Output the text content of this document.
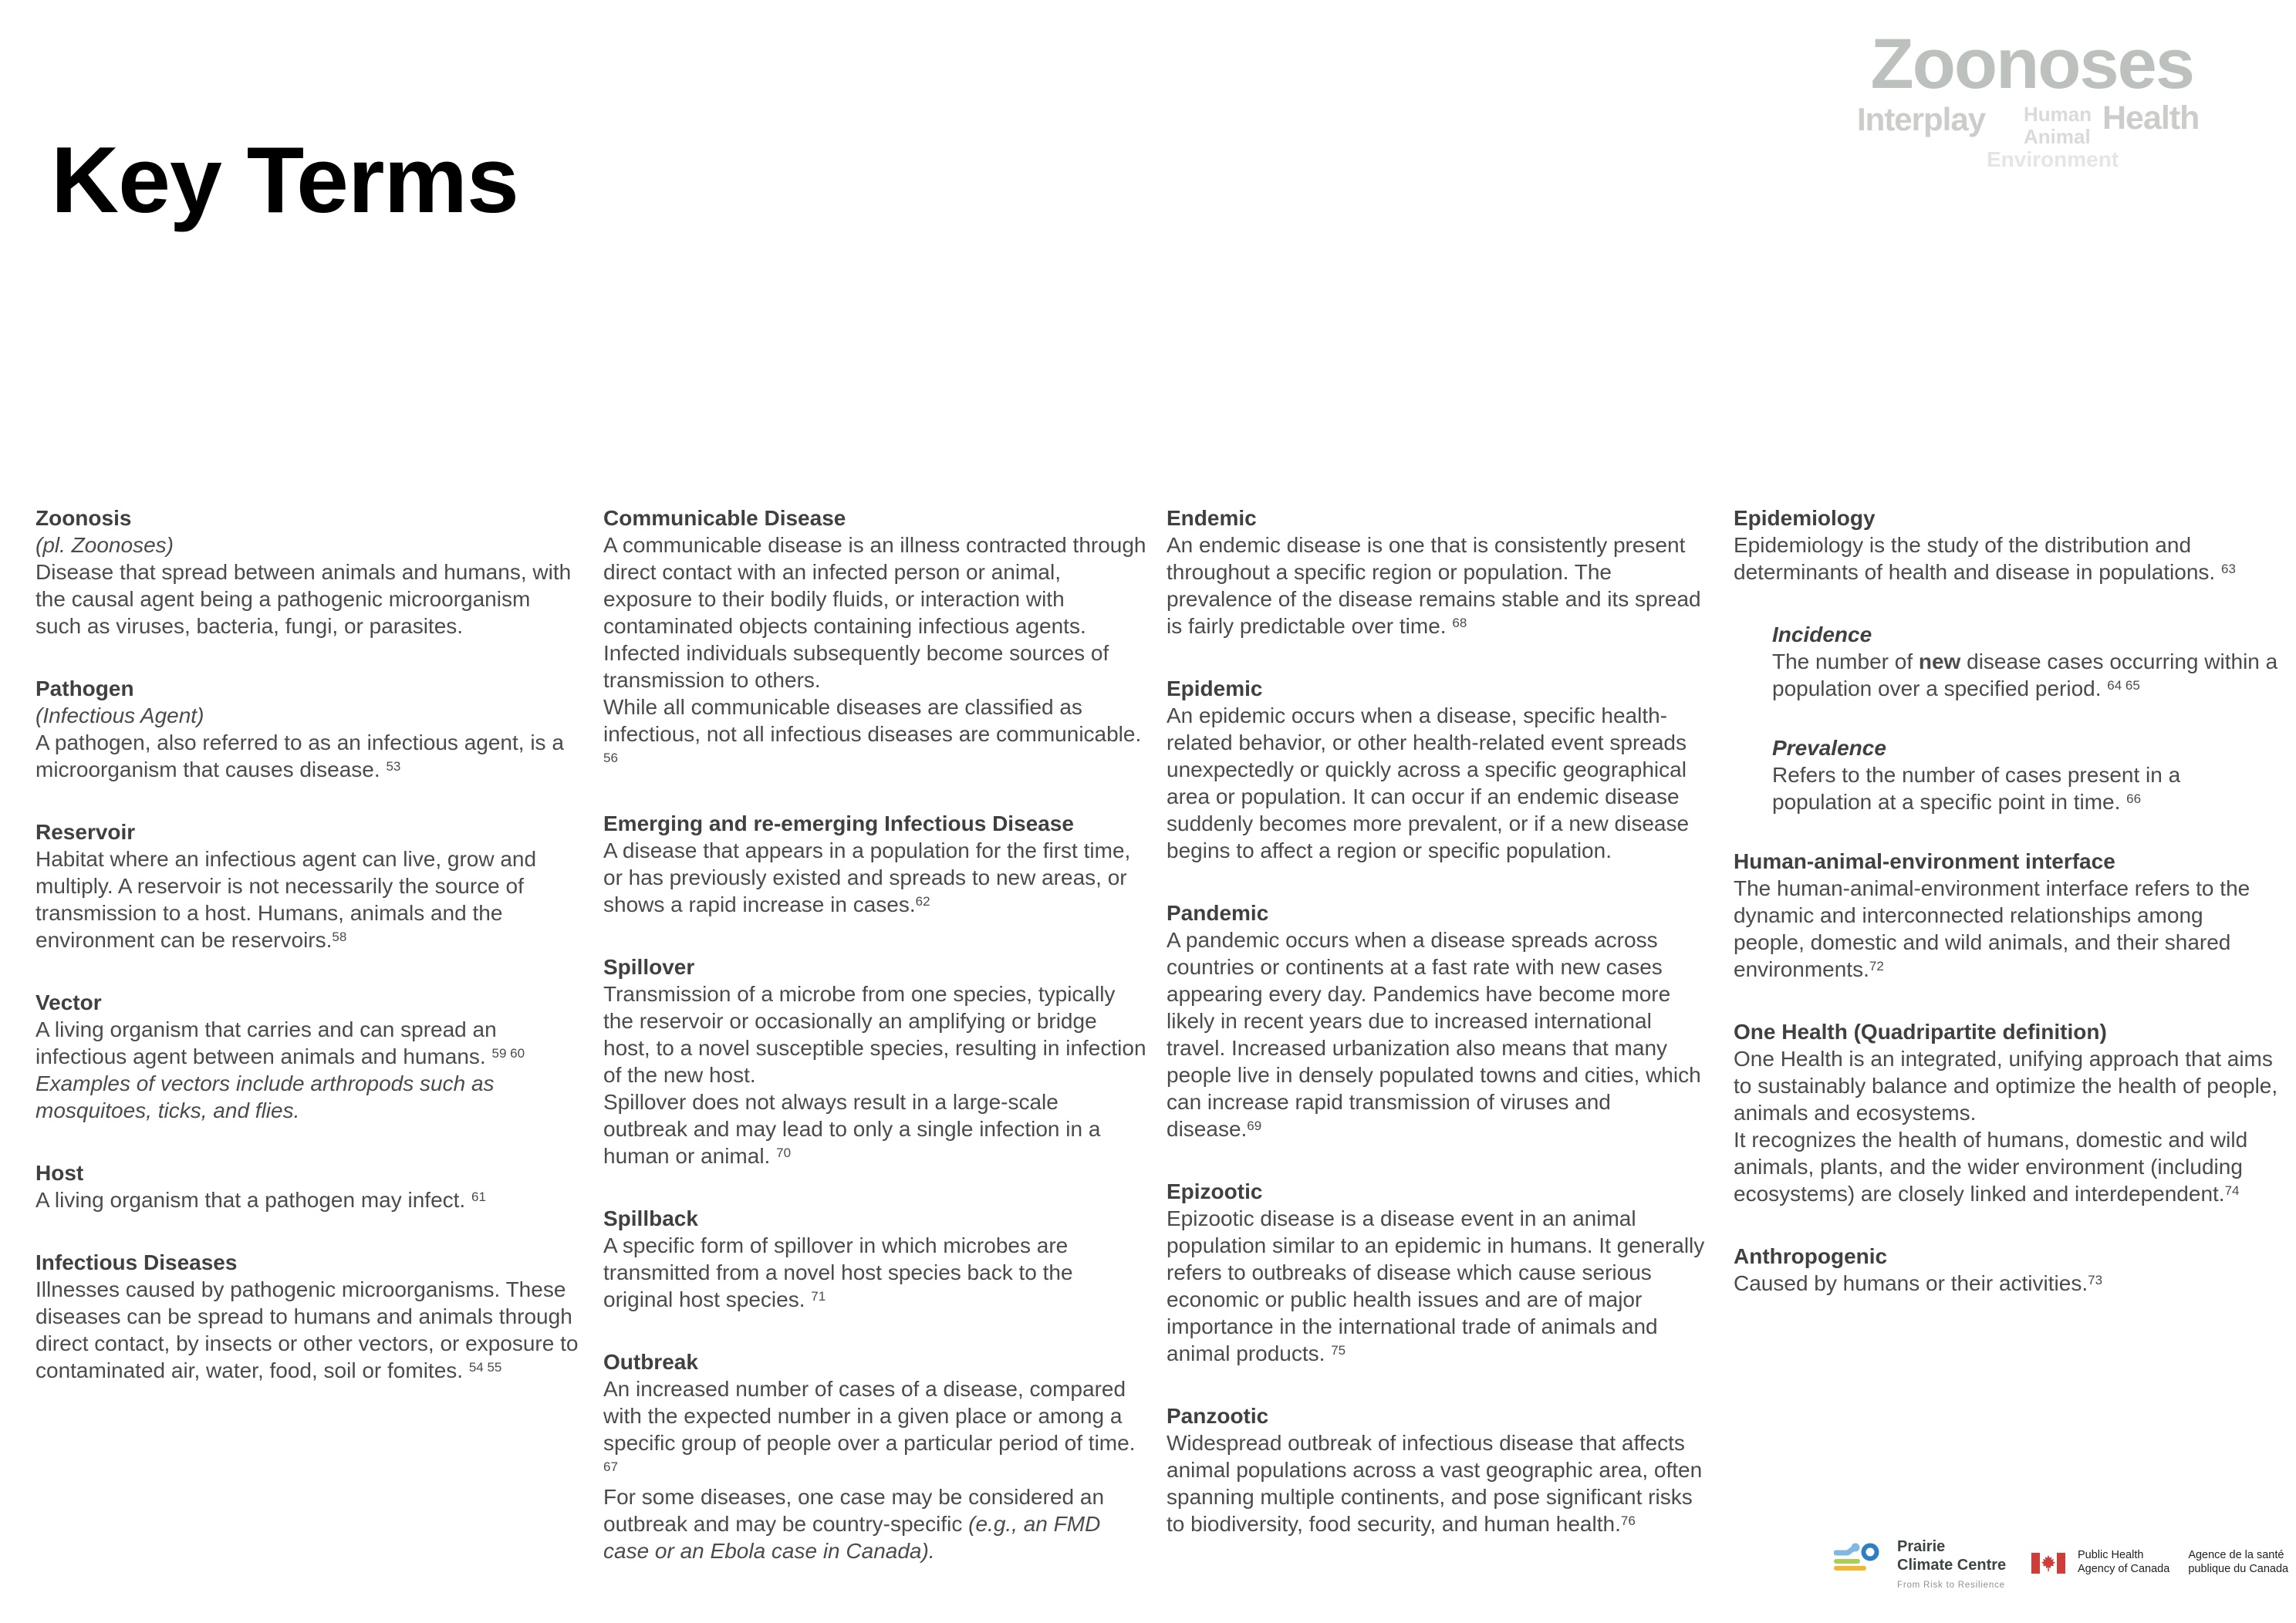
Key Terms
Zoonoses
Interplay Human
Animal Health
Environment
Zoonosis

(pl. Zoonoses)
Disease that spread between animals and humans, with the causal agent being a pathogenic microorganism such as viruses, bacteria, fungi, or parasites.

Pathogen

(Infectious Agent)
A pathogen, also referred to as an infectious agent, is a microorganism that causes disease. $^{53}$

Reservoir

Habitat where an infectious agent can live, grow and multiply. A reservoir is not necessarily the source of transmission to a host. Humans, animals and the environment can be reservoirs.$^{58}$

Vector

A living organism that carries and can spread an infectious agent between animals and humans. $^{59 60}$
Examples of vectors include arthropods such as mosquitoes, ticks, and flies.

Host

A living organism that a pathogen may infect. $^{61}$

Infectious Diseases

Illnesses caused by pathogenic microorganisms. These diseases can be spread to humans and animals through direct contact, by insects or other vectors, or exposure to contaminated air, water, food, soil or fomites. $^{54 55}$

Communicable Disease

A communicable disease is an illness contracted through direct contact with an infected person or animal, exposure to their bodily fluids, or interaction with contaminated objects containing infectious agents. Infected individuals subsequently become sources of transmission to others.
While all communicable diseases are classified as infectious, not all infectious diseases are communicable. $^{56}$

Emerging and re-emerging Infectious Disease

A disease that appears in a population for the first time, or has previously existed and spreads to new areas, or shows a rapid increase in cases.$^{62}$

Spillover

Transmission of a microbe from one species, typically the reservoir or occasionally an amplifying or bridge host, to a novel susceptible species, resulting in infection of the new host.
Spillover does not always result in a large-scale outbreak and may lead to only a single infection in a human or animal. $^{70}$

Spillback

A specific form of spillover in which microbes are transmitted from a novel host species back to the original host species. $^{71}$

Outbreak

An increased number of cases of a disease, compared with the expected number in a given place or among a specific group of people over a particular period of time.
$^{67}$
For some diseases, one case may be considered an outbreak and may be country-specific (e.g., an FMD case or an Ebola case in Canada).

Endemic

An endemic disease is one that is consistently present throughout a specific region or population. The prevalence of the disease remains stable and its spread is fairly predictable over time. $^{68}$

Epidemic

An epidemic occurs when a disease, specific health-related behavior, or other health-related event spreads unexpectedly or quickly across a specific geographical area or population. It can occur if an endemic disease suddenly becomes more prevalent, or if a new disease begins to affect a region or specific population.

Pandemic

A pandemic occurs when a disease spreads across countries or continents at a fast rate with new cases appearing every day. Pandemics have become more likely in recent years due to increased international travel. Increased urbanization also means that many people live in densely populated towns and cities, which can increase rapid transmission of viruses and disease.$^{69}$

Epizootic

Epizootic disease is a disease event in an animal population similar to an epidemic in humans. It generally refers to outbreaks of disease which cause serious economic or public health issues and are of major importance in the international trade of animals and animal products. $^{75}$

Panzootic

Widespread outbreak of infectious disease that affects animal populations across a vast geographic area, often spanning multiple continents, and pose significant risks to biodiversity, food security, and human health.$^{76}$

Epidemiology

Epidemiology is the study of the distribution and determinants of health and disease in populations. $^{63}$

Incidence

The number of new disease cases occurring within a population over a specified period. $^{64 65}$

Prevalence

Refers to the number of cases present in a population at a specific point in time. $^{66}$

Human-animal-environment interface

The human-animal-environment interface refers to the dynamic and interconnected relationships among people, domestic and wild animals, and their shared environments.$^{72}$

One Health (Quadripartite definition)

One Health is an integrated, unifying approach that aims to sustainably balance and optimize the health of people, animals and ecosystems.
It recognizes the health of humans, domestic and wild animals, plants, and the wider environment (including ecosystems) are closely linked and interdependent.$^{74}$

Anthropogenic

Caused by humans or their activities.$^{73}$

Prairie
Climate Centre
From Risk to Resilience
Public Health
Agency of Canada
Agence de la santé
publique du Canada
